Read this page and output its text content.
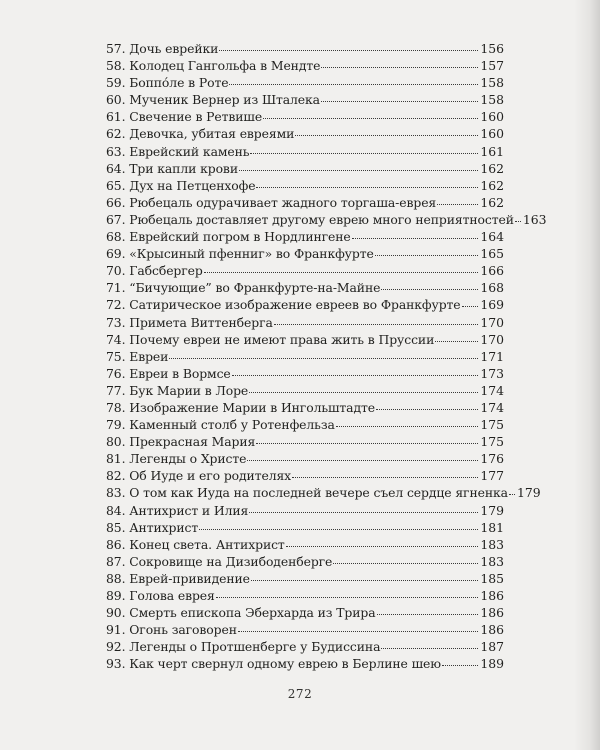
57. Дочь еврейки	156
58. Колодец Гангольфа в Мендте	157
59. Боппо́ле в Роте	158
60. Мученик Вернер из Шталека	158
61. Свечение в Ретвише	160
62. Девочка, убитая евреями	160
63. Еврейский камень	161
64. Три капли крови	162
65. Дух на Петценхофе	162
66. Рюбецаль одурачивает жадного торгаша-еврея	162
67. Рюбецаль доставляет другому еврею много неприятностей 163
68. Еврейский погром в Нордлингене	164
69. «Крысиный пфенниг» во Франкфурте	165
70. Габсбергер	166
71. “Бичующие” во Франкфурте-на-Майне	168
72. Сатирическое изображение евреев во Франкфурте 169
73. Примета Виттенберга	170
74. Почему евреи не имеют права жить в Пруссии	170
75. Евреи	171
76. Евреи в Вормсе	173
77. Бук Марии в Лоре	174
78. Изображение Марии в Ингольштадте	174
79. Каменный столб у Ротенфельза	175
80. Прекрасная Мария	175
81. Легенды о Христе	176
82. Об Иуде и его родителях	177
83. О том как Иуда на последней вечере съел сердце ягненка 179
84. Антихрист и Илия	179
85. Антихрист	181
86. Конец света. Антихрист	183
87. Сокровище на Дизибоденберге	183
88. Еврей-привидение	185
89. Голова еврея	186
90. Смерть епископа Эберхарда из Трира	186
91. Огонь заговорен	186
92. Легенды о Протшенберге у Будиссина	187
93. Как черт свернул одному еврею в Берлине шею	189
272
